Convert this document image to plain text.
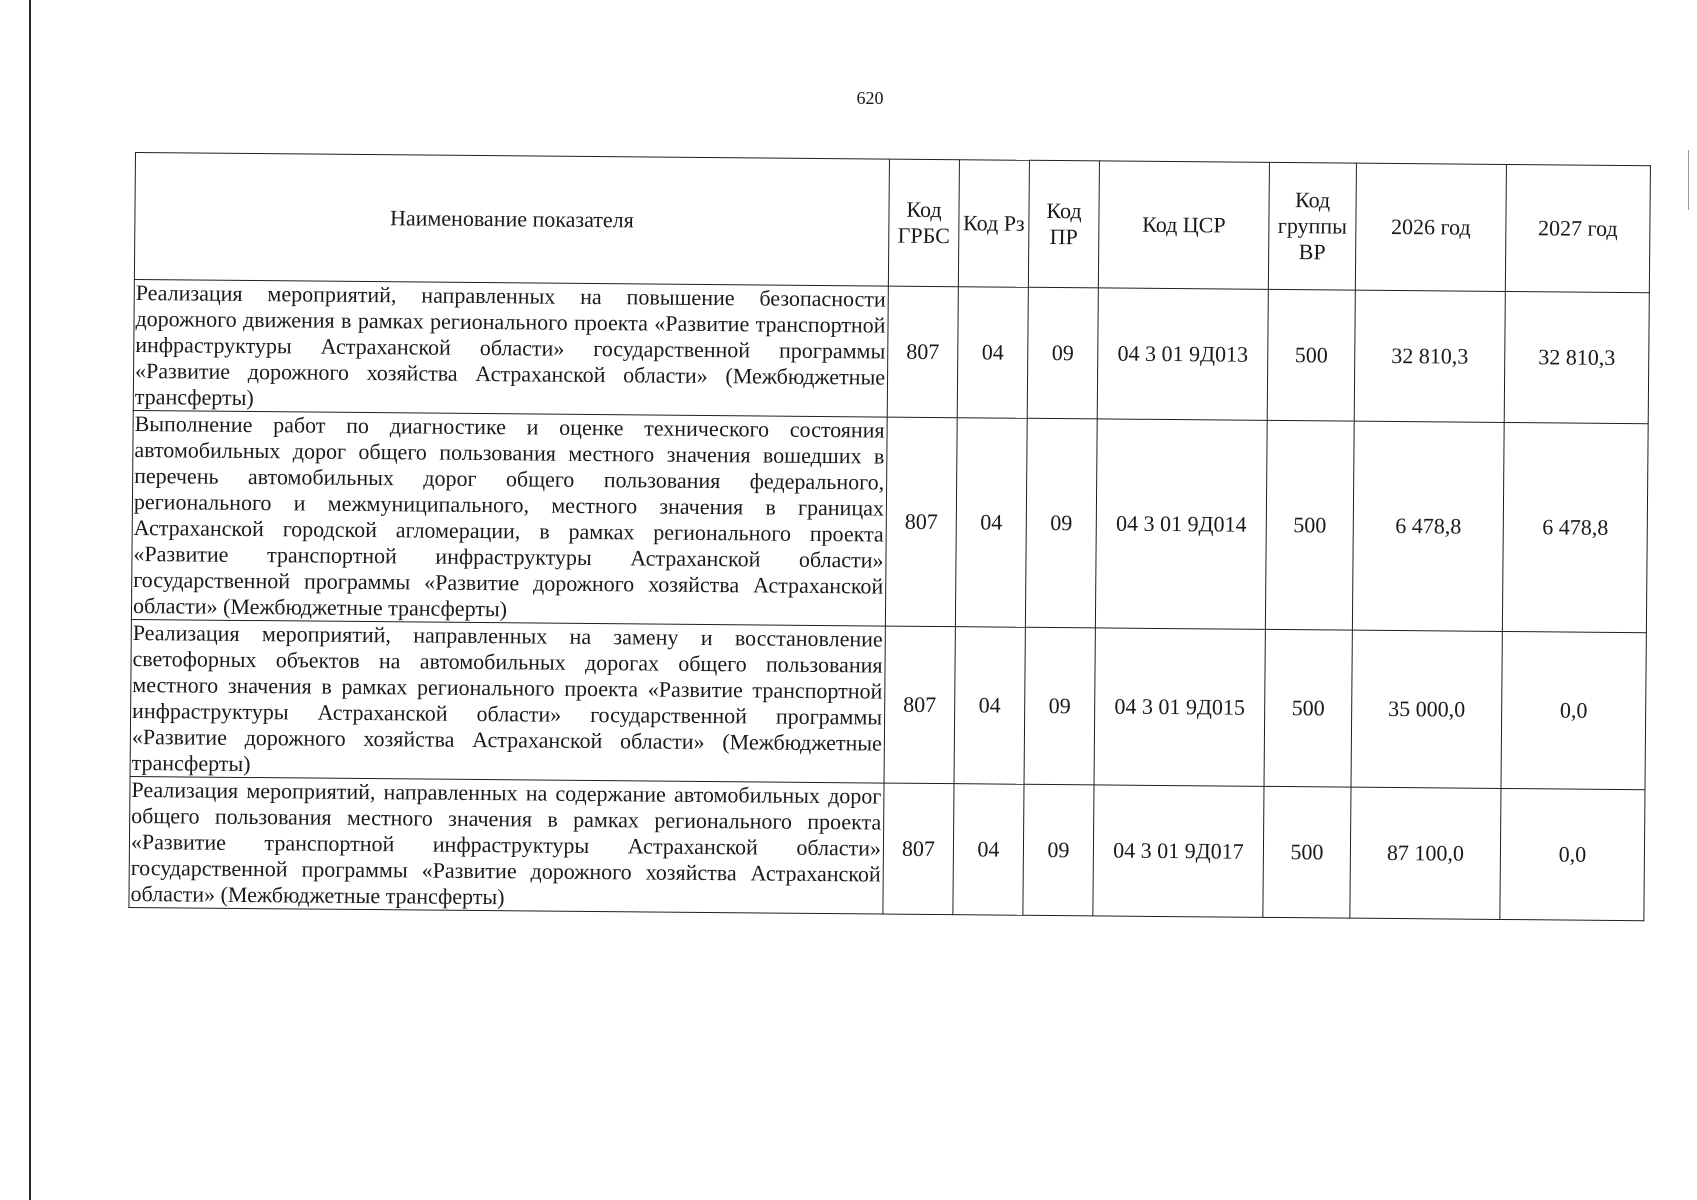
620
Наименование показателя	Код ГРБС	Код Рз	Код ПР	Код ЦСР	Код группы ВР	2026 год	2027 год
Реализация мероприятий, направленных на повышение безопасности дорожного движения в рамках регионального проекта «Развитие транспортной инфраструктуры Астраханской области» государственной программы «Развитие дорожного хозяйства Астраханской области» (Межбюджетные трансферты)	807	04	09	04 3 01 9Д013	500	32 810,3	32 810,3
Выполнение работ по диагностике и оценке технического состояния автомобильных дорог общего пользования местного значения вошедших в перечень автомобильных дорог общего пользования федерального, регионального и межмуниципального, местного значения в границах Астраханской городской агломерации, в рамках регионального проекта «Развитие транспортной инфраструктуры Астраханской области» государственной программы «Развитие дорожного хозяйства Астраханской области» (Межбюджетные трансферты)	807	04	09	04 3 01 9Д014	500	6 478,8	6 478,8
Реализация мероприятий, направленных на замену и восстановление светофорных объектов на автомобильных дорогах общего пользования местного значения в рамках регионального проекта «Развитие транспортной инфраструктуры Астраханской области» государственной программы «Развитие дорожного хозяйства Астраханской области» (Межбюджетные трансферты)	807	04	09	04 3 01 9Д015	500	35 000,0	0,0
Реализация мероприятий, направленных на содержание автомобильных дорог общего пользования местного значения в рамках регионального проекта «Развитие транспортной инфраструктуры Астраханской области» государственной программы «Развитие дорожного хозяйства Астраханской области» (Межбюджетные трансферты)	807	04	09	04 3 01 9Д017	500	87 100,0	0,0
